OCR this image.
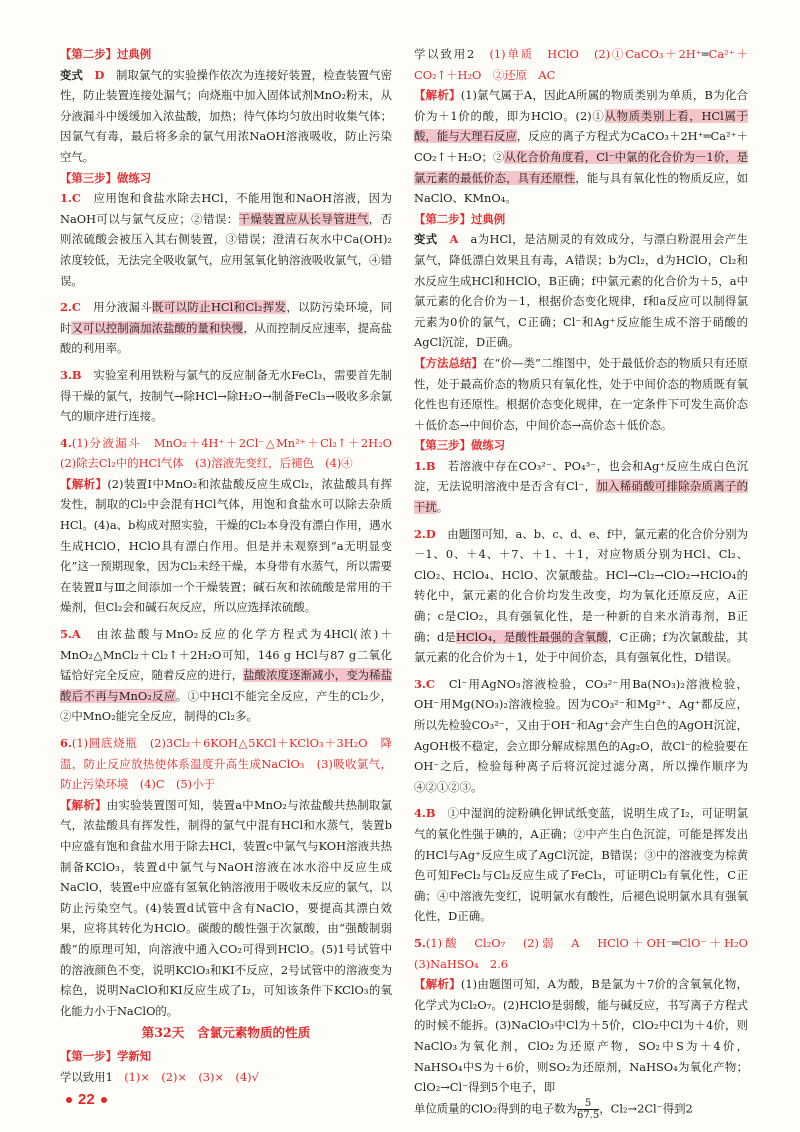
【第二步】过典例

变式　 D　 制取氯气的实验操作依次为连接好装置，检查装置气密性，防止装置连接处漏气；向烧瓶中加入固体试剂MnO₂粉末，从分液漏斗中缓缓加入浓盐酸，加热；待气体均匀放出时收集气体；因氯气有毒，最后将多余的氯气用浓NaOH溶液吸收，防止污染空气。

【第三步】做练习

1.C　 应用饱和食盐水除去HCl，不能用饱和NaOH溶液，因为NaOH可以与氯气反应；②错误：干燥装置应从长导管进气，否则浓硫酸会被压入其右侧装置，③错误；澄清石灰水中Ca(OH)₂浓度较低，无法完全吸收氯气，应用氢氧化钠溶液吸收氯气，④错误。

2.C　 用分液漏斗既可以防止HCl和Cl₂挥发，以防污染环境，同时又可以控制滴加浓盐酸的量和快慢，从而控制反应速率，提高盐酸的利用率。

3.B　 实验室利用铁粉与氯气的反应制备无水FeCl₃，需要首先制得干燥的氯气，按制气→除HCl→除H₂O→制备FeCl₃→吸收多余氯气的顺序进行连接。

4.(1)分液漏斗　MnO₂＋4H⁺＋2Cl⁻△Mn²⁺＋Cl₂↑＋2H₂O　(2)除去Cl₂中的HCl气体　(3)溶液先变红，后褪色　(4)④

【解析】(2)装置Ⅰ中MnO₂和浓盐酸反应生成Cl₂，浓盐酸具有挥发性，制取的Cl₂中会混有HCl气体，用饱和食盐水可以除去杂质HCl。(4)a、b构成对照实验，干燥的Cl₂本身没有漂白作用，遇水生成HClO，HClO具有漂白作用。但是并未观察到“a无明显变化”这一预期现象，因为Cl₂未经干燥，本身带有水蒸气，所以需要在装置Ⅱ与Ⅲ之间添加一个干燥装置；碱石灰和浓硫酸是常用的干燥剂，但Cl₂会和碱石灰反应，所以应选择浓硫酸。

5.A　 由浓盐酸与MnO₂反应的化学方程式为4HCl(浓)＋MnO₂△MnCl₂＋Cl₂↑＋2H₂O可知，146 g HCl与87 g二氧化锰恰好完全反应，随着反应的进行，盐酸浓度逐渐减小，变为稀盐酸后不再与MnO₂反应。①中HCl不能完全反应，产生的Cl₂少，②中MnO₂能完全反应，制得的Cl₂多。

6.(1)圆底烧瓶　(2)3Cl₂＋6KOH△5KCl＋KClO₃＋3H₂O　降温，防止反应放热使体系温度升高生成NaClO₃　(3)吸收氯气，防止污染环境　(4)C　(5)小于

【解析】由实验装置图可知，装置a中MnO₂与浓盐酸共热制取氯气，浓盐酸具有挥发性，制得的氯气中混有HCl和水蒸气，装置b中应盛有饱和食盐水用于除去HCl，装置c中氯气与KOH溶液共热制备KClO₃，装置d中氯气与NaOH溶液在冰水浴中反应生成NaClO，装置e中应盛有氢氧化钠溶液用于吸收未反应的氯气，以防止污染空气。(4)装置d试管中含有NaClO，要提高其漂白效果，应将其转化为HClO。碳酸的酸性强于次氯酸，由“强酸制弱酸”的原理可知，向溶液中通入CO₂可得到HClO。(5)1号试管中的溶液颜色不变，说明KClO₃和KI不反应，2号试管中的溶液变为棕色，说明NaClO和KI反应生成了I₂，可知该条件下KClO₃的氧化能力小于NaClO的。

第32天　含氯元素物质的性质

【第一步】学新知

学以致用1　 (1)×　(2)×　(3)×　(4)√

学以致用2　 (1)单质　HClO　(2)①CaCO₃＋2H⁺═Ca²⁺＋CO₂↑＋H₂O　②还原　AC

【解析】(1)氯气属于A，因此A所属的物质类别为单质，B为化合价为＋1价的酸，即为HClO。(2)①从物质类别上看，HCl属于酸，能与大理石反应，反应的离子方程式为CaCO₃＋2H⁺═Ca²⁺＋CO₂↑＋H₂O；②从化合价角度看，Cl⁻中氯的化合价为－1价，是氯元素的最低价态，具有还原性，能与具有氧化性的物质反应，如NaClO、KMnO₄。

【第二步】过典例

变式　 A　 a为HCl，是洁厕灵的有效成分，与漂白粉混用会产生氯气，降低漂白效果且有毒，A错误；b为Cl₂，d为HClO，Cl₂和水反应生成HCl和HClO，B正确；f中氯元素的化合价为＋5，a中氯元素的化合价为－1，根据价态变化规律，f和a反应可以制得氯元素为0价的氯气，C正确；Cl⁻和Ag⁺反应能生成不溶于硝酸的AgCl沉淀，D正确。

【方法总结】在“价—类”二维图中，处于最低价态的物质只有还原性，处于最高价态的物质只有氧化性，处于中间价态的物质既有氧化性也有还原性。根据价态变化规律，在一定条件下可发生高价态＋低价态→中间价态，中间价态→高价态＋低价态。

【第三步】做练习

1.B　 若溶液中存在CO₃²⁻、PO₄³⁻，也会和Ag⁺反应生成白色沉淀，无法说明溶液中是否含有Cl⁻，加入稀硝酸可排除杂质离子的干扰。

2.D　 由题图可知，a、b、c、d、e、f中，氯元素的化合价分别为－1、0、＋4、＋7、＋1、＋1，对应物质分别为HCl、Cl₂、ClO₂、HClO₄、HClO、次氯酸盐。HCl→Cl₂→ClO₂→HClO₄的转化中，氯元素的化合价均发生改变，均为氧化还原反应，A正确；c是ClO₂，具有强氧化性，是一种新的自来水消毒剂，B正确；d是HClO₄，是酸性最强的含氧酸，C正确；f为次氯酸盐，其氯元素的化合价为＋1，处于中间价态，具有强氧化性，D错误。

3.C　 Cl⁻用AgNO₃溶液检验，CO₃²⁻用Ba(NO₃)₂溶液检验，OH⁻用Mg(NO₃)₂溶液检验。因为CO₃²⁻和Mg²⁺、Ag⁺都反应，所以先检验CO₃²⁻，又由于OH⁻和Ag⁺会产生白色的AgOH沉淀，AgOH极不稳定，会立即分解成棕黑色的Ag₂O，故Cl⁻的检验要在OH⁻之后，检验每种离子后将沉淀过滤分离，所以操作顺序为④②①②③。

4.B　 ①中湿润的淀粉碘化钾试纸变蓝，说明生成了I₂，可证明氯气的氧化性强于碘的，A正确；②中产生白色沉淀，可能是挥发出的HCl与Ag⁺反应生成了AgCl沉淀，B错误；③中的溶液变为棕黄色可知FeCl₂与Cl₂反应生成了FeCl₃，可证明Cl₂有氧化性，C正确；④中溶液先变红，说明氯水有酸性，后褪色说明氯水具有强氧化性，D正确。

5.(1)酸　Cl₂O₇　(2)弱　A　HClO＋OH⁻═ClO⁻＋H₂O　(3)NaHSO₄　2.6

【解析】(1)由题图可知，A为酸，B是氯为＋7价的含氧氧化物，化学式为Cl₂O₇。(2)HClO是弱酸，能与碱反应，书写离子方程式的时候不能拆。(3)NaClO₃中Cl为＋5价，ClO₂中Cl为＋4价，则NaClO₃为氧化剂，ClO₂为还原产物，SO₂中S为＋4价，NaHSO₄中S为＋6价，则SO₂为还原剂，NaHSO₄为氧化产物；ClO₂→Cl⁻得到5个电子，即

单位质量的ClO₂得到的电子数为 $\frac{5}{67.5}$ ，Cl₂→2Cl⁻得到2

22
